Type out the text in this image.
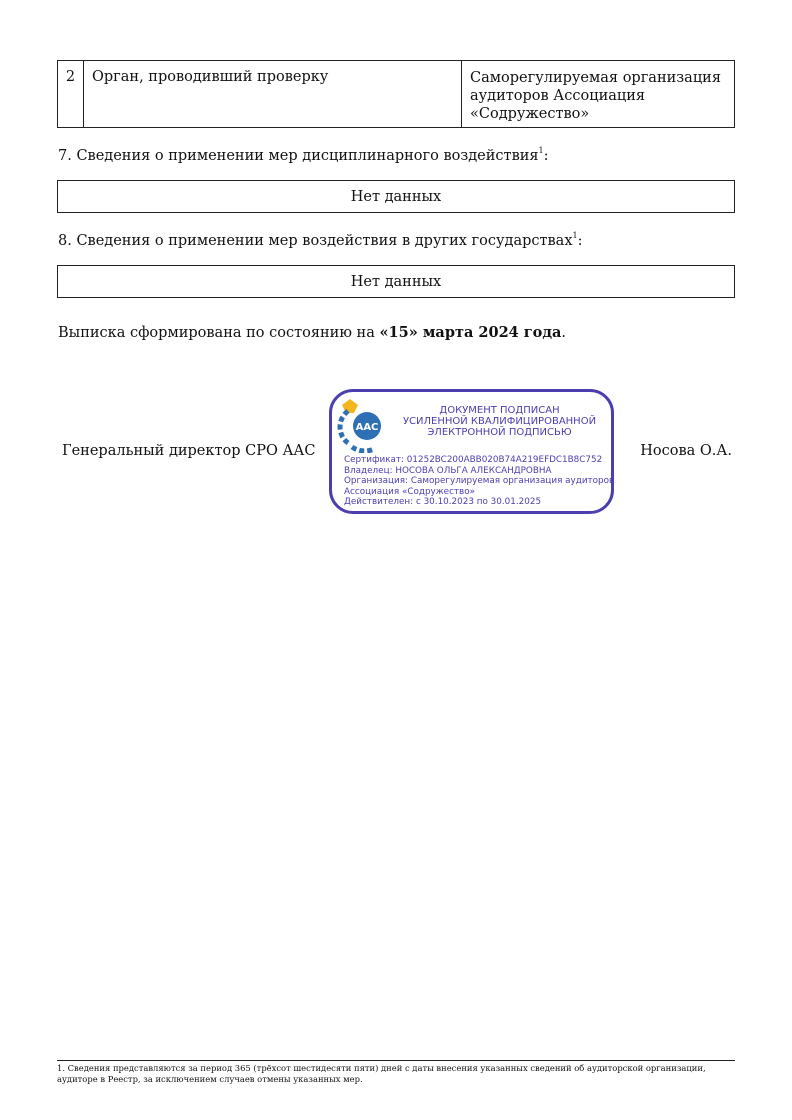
2	Орган, проводивший проверку	Саморегулируемая организация
аудиторов Ассоциация
«Содружество»
7. Сведения о применении мер дисциплинарного воздействия$^1$:
Нет данных
8. Сведения о применении мер воздействия в других государствах$^1$:
Нет данных
Выписка сформирована по состоянию на «15» марта 2024 года.
Генеральный директор СРО ААС	Носова О.А.
ААС
ДОКУМЕНТ ПОДПИСАН
УСИЛЕННОЙ КВАЛИФИЦИРОВАННОЙ
ЭЛЕКТРОННОЙ ПОДПИСЬЮ
Сертификат: 01252BC200ABB020B74A219EFDC1B8C752
Владелец: НОСОВА ОЛЬГА АЛЕКСАНДРОВНА
Организация: Саморегулируемая организация аудиторов
Ассоциация «Содружество»
Действителен: с 30.10.2023 по 30.01.2025
1. Сведения представляются за период 365 (трёхсот шестидесяти пяти) дней с даты внесения указанных сведений об аудиторской организации, аудиторе в Реестр, за исключением случаев отмены указанных мер.
